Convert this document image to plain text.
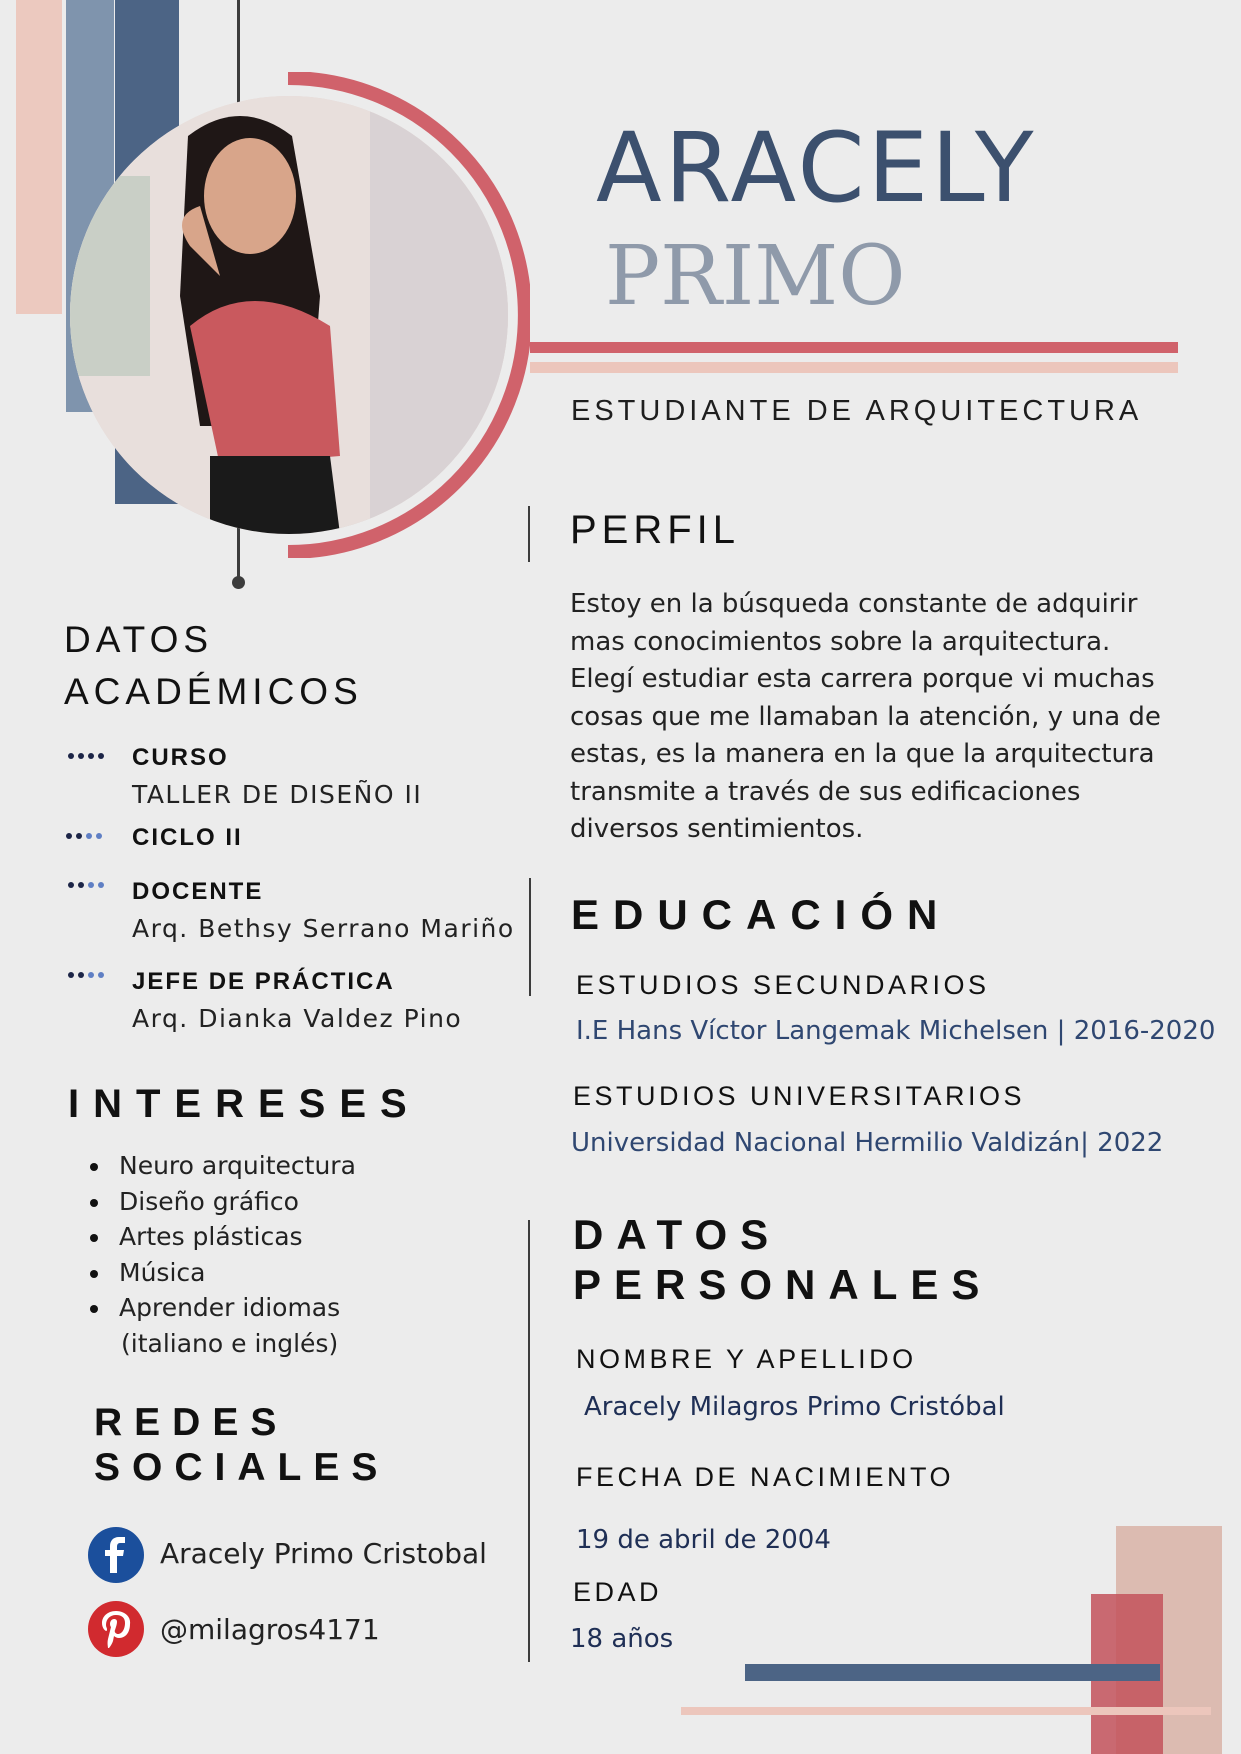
ARACELY
PRIMO
ESTUDIANTE DE ARQUITECTURA
PERFIL
Estoy en la búsqueda constante de adquirir
mas conocimientos sobre la arquitectura.
Elegí estudiar esta carrera porque vi muchas
cosas que me llamaban la atención, y una de
estas, es la manera en la que la arquitectura
transmite a través de sus edificaciones
diversos sentimientos.
EDUCACIÓN
ESTUDIOS SECUNDARIOS
I.E Hans Víctor Langemak Michelsen | 2016-2020
ESTUDIOS UNIVERSITARIOS
Universidad Nacional Hermilio Valdizán| 2022
DATOS
PERSONALES
NOMBRE Y APELLIDO
Aracely Milagros Primo Cristóbal
FECHA DE NACIMIENTO
19 de abril de 2004
EDAD
18 años
DATOS
ACADÉMICOS
CURSO
TALLER DE DISEÑO II
CICLO II
DOCENTE
Arq. Bethsy Serrano Mariño
JEFE DE PRÁCTICA
Arq. Dianka Valdez Pino
INTERESES
Neuro arquitectura
Diseño gráfico
Artes plásticas
Música
Aprender idiomas
(italiano e inglés)
REDES
SOCIALES
Aracely Primo Cristobal
@milagros4171
